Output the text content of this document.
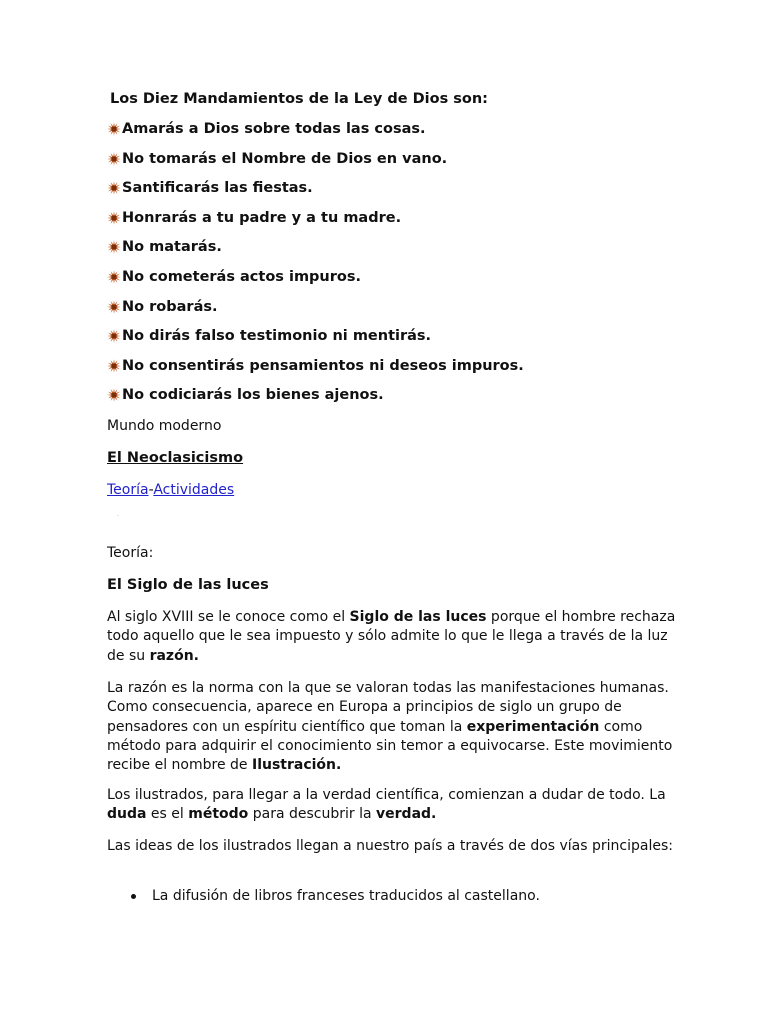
Los Diez Mandamientos de la Ley de Dios son:
Amarás a Dios sobre todas las cosas.
No tomarás el Nombre de Dios en vano.
Santificarás las fiestas.
Honrarás a tu padre y a tu madre.
No matarás.
No cometerás actos impuros.
No robarás.
No dirás falso testimonio ni mentirás.
No consentirás pensamientos ni deseos impuros.
No codiciarás los bienes ajenos.
Mundo moderno
El Neoclasicismo
Teoría-Actividades
·
Teoría:
El Siglo de las luces
Al siglo XVIII se le conoce como el Siglo de las luces porque el hombre rechaza todo aquello que le sea impuesto y sólo admite lo que le llega a través de la luz de su razón.
La razón es la norma con la que se valoran todas las manifestaciones humanas. Como consecuencia, aparece en Europa a principios de siglo un grupo de pensadores con un espíritu científico que toman la experimentación como método para adquirir el conocimiento sin temor a equivocarse. Este movimiento recibe el nombre de Ilustración.
Los ilustrados, para llegar a la verdad científica, comienzan a dudar de todo. La duda es el método para descubrir la verdad.
Las ideas de los ilustrados llegan a nuestro país a través de dos vías principales:
La difusión de libros franceses traducidos al castellano.
